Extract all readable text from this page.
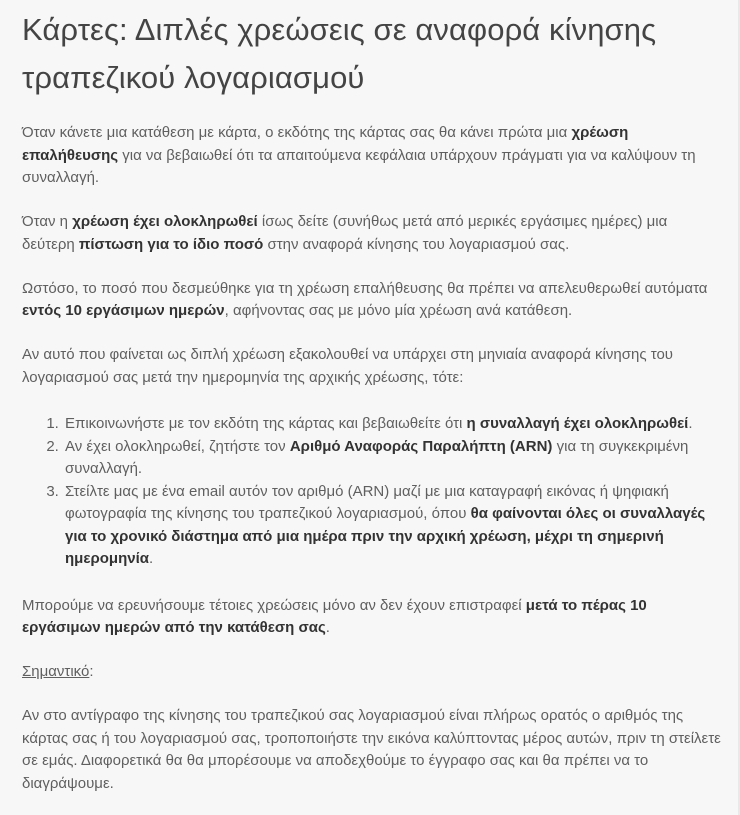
Κάρτες: Διπλές χρεώσεις σε αναφορά κίνησης τραπεζικού λογαριασμού

Όταν κάνετε μια κατάθεση με κάρτα, ο εκδότης της κάρτας σας θα κάνει πρώτα μια χρέωση επαλήθευσης για να βεβαιωθεί ότι τα απαιτούμενα κεφάλαια υπάρχουν πράγματι για να καλύψουν τη συναλλαγή.

Όταν η χρέωση έχει ολοκληρωθεί ίσως δείτε (συνήθως μετά από μερικές εργάσιμες ημέρες) μια δεύτερη πίστωση για το ίδιο ποσό στην αναφορά κίνησης του λογαριασμού σας.

Ωστόσο, το ποσό που δεσμεύθηκε για τη χρέωση επαλήθευσης θα πρέπει να απελευθερωθεί αυτόματα εντός 10 εργάσιμων ημερών, αφήνοντας σας με μόνο μία χρέωση ανά κατάθεση.

Αν αυτό που φαίνεται ως διπλή χρέωση εξακολουθεί να υπάρχει στη μηνιαία αναφορά κίνησης του λογαριασμού σας μετά την ημερομηνία της αρχικής χρέωσης, τότε:

1. Επικοινωνήστε με τον εκδότη της κάρτας και βεβαιωθείτε ότι η συναλλαγή έχει ολοκληρωθεί.
2. Αν έχει ολοκληρωθεί, ζητήστε τον Αριθμό Αναφοράς Παραλήπτη (ARN) για τη συγκεκριμένη συναλλαγή.
3. Στείλτε μας με ένα email αυτόν τον αριθμό (ARN) μαζί με μια καταγραφή εικόνας ή ψηφιακή φωτογραφία της κίνησης του τραπεζικού λογαριασμού, όπου θα φαίνονται όλες οι συναλλαγές για το χρονικό διάστημα από μια ημέρα πριν την αρχική χρέωση, μέχρι τη σημερινή ημερομηνία.

Μπορούμε να ερευνήσουμε τέτοιες χρεώσεις μόνο αν δεν έχουν επιστραφεί μετά το πέρας 10 εργάσιμων ημερών από την κατάθεση σας.

Σημαντικό:

Αν στο αντίγραφο της κίνησης του τραπεζικού σας λογαριασμού είναι πλήρως ορατός ο αριθμός της κάρτας σας ή του λογαριασμού σας, τροποποιήστε την εικόνα καλύπτοντας μέρος αυτών, πριν τη στείλετε σε εμάς. Διαφορετικά θα θα μπορέσουμε να αποδεχθούμε το έγγραφο σας και θα πρέπει να το διαγράψουμε.
